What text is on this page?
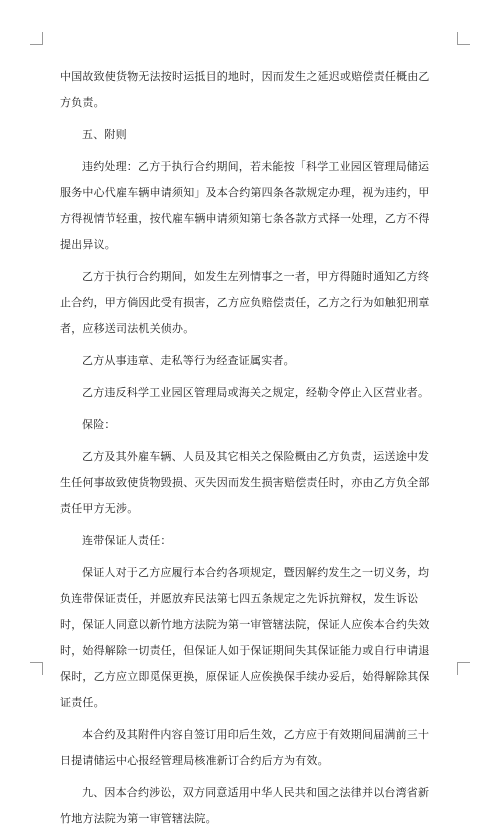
中国故致使货物无法按时运抵目的地时，因而发生之延迟或赔偿责任概由乙方负责。

五、附则

违约处理：乙方于执行合约期间，若未能按「科学工业园区管理局储运服务中心代雇车辆申请须知」及本合约第四条各款规定办理，视为违约，甲方得视情节轻重，按代雇车辆申请须知第七条各款方式择一处理，乙方不得提出异议。

乙方于执行合约期间，如发生左列情事之一者，甲方得随时通知乙方终止合约，甲方倘因此受有损害，乙方应负赔偿责任，乙方之行为如触犯刑章者，应移送司法机关侦办。

乙方从事违章、走私等行为经查证属实者。

乙方违反科学工业园区管理局或海关之规定，经勒令停止入区营业者。

保险：

乙方及其外雇车辆、人员及其它相关之保险概由乙方负责，运送途中发生任何事故致使货物毁损、灭失因而发生损害赔偿责任时，亦由乙方负全部责任甲方无涉。

连带保证人责任：

保证人对于乙方应履行本合约各项规定，暨因解约发生之一切义务，均负连带保证责任，并愿放弃民法第七四五条规定之先诉抗辩权，发生诉讼时，保证人同意以新竹地方法院为第一审管辖法院，保证人应俟本合约失效时，始得解除一切责任，但保证人如于保证期间失其保证能力或自行申请退保时，乙方应立即觅保更换，原保证人应俟换保手续办妥后，始得解除其保证责任。

本合约及其附件内容自签订用印后生效，乙方应于有效期间届满前三十日提请储运中心报经管理局核准新订合约后方为有效。

九、因本合约涉讼，双方同意适用中华人民共和国之法律并以台湾省新竹地方法院为第一审管辖法院。
